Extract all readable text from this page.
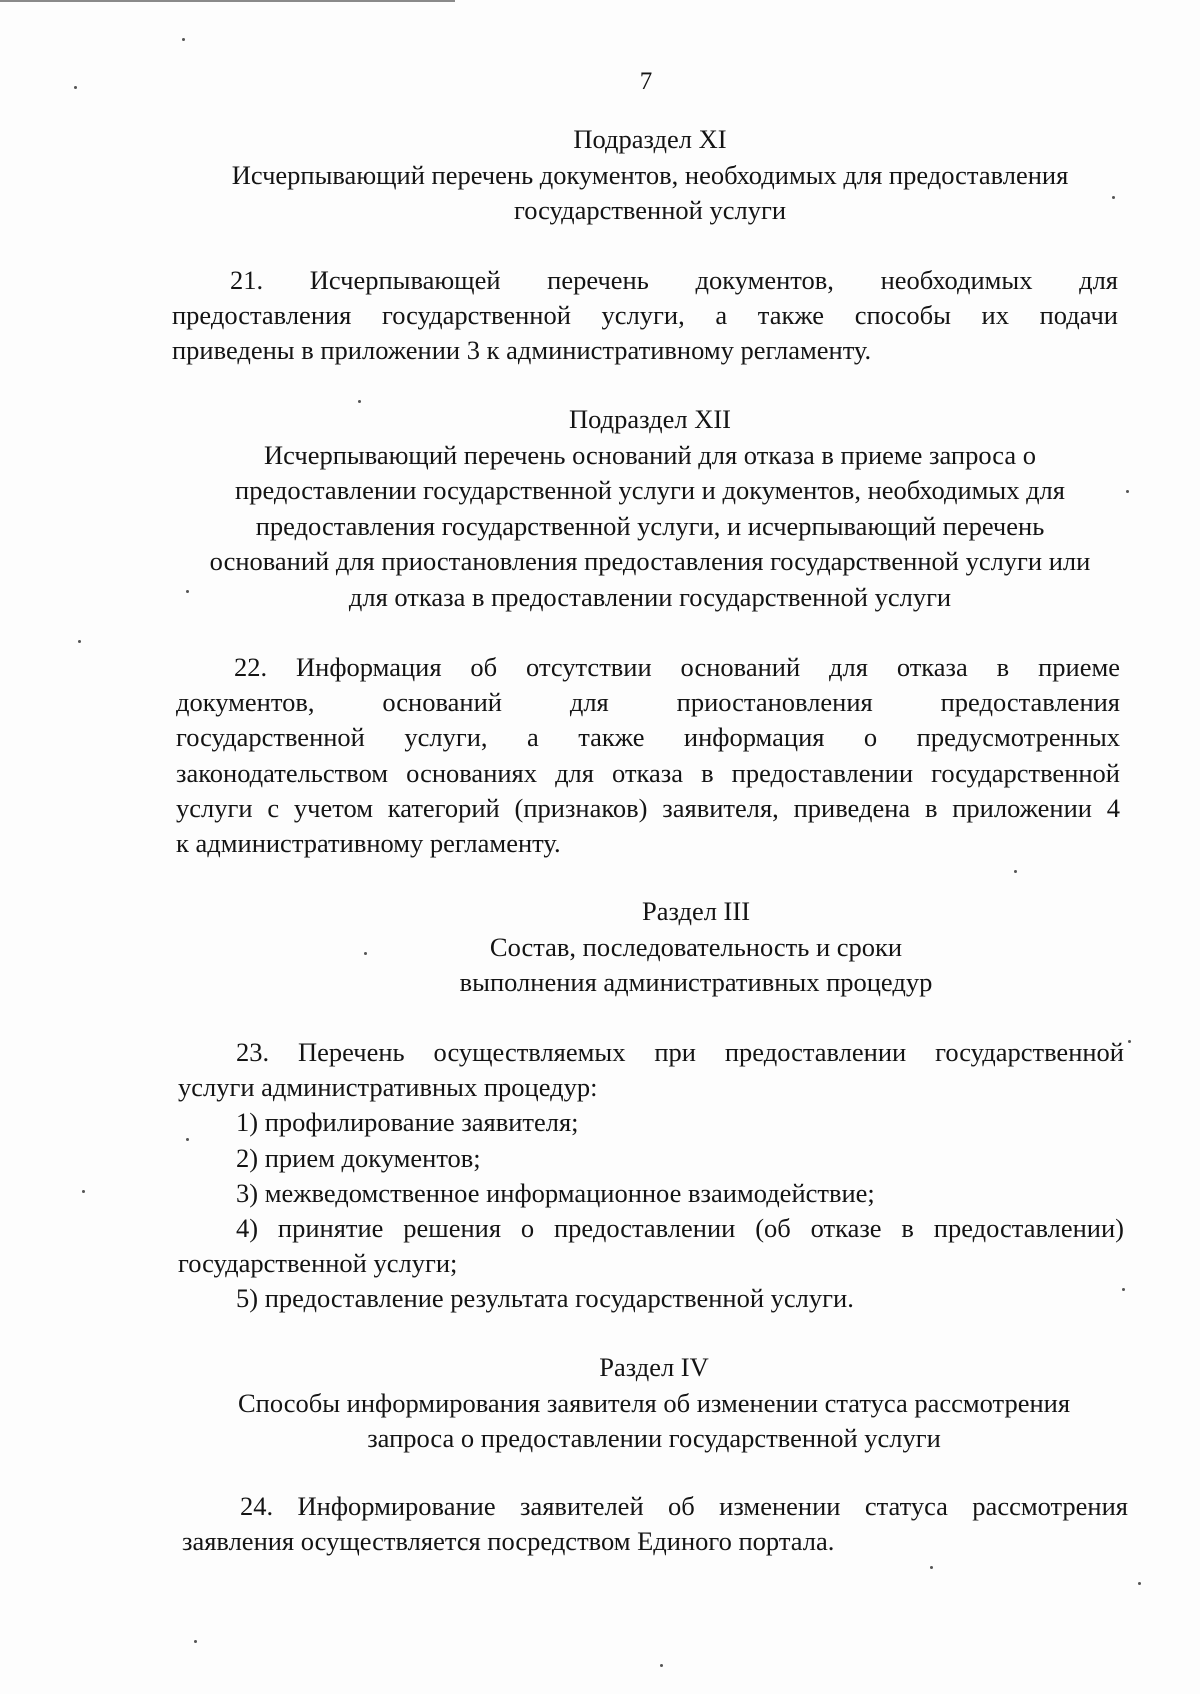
7
Подраздел XI
Исчерпывающий перечень документов, необходимых для предоставления
государственной услуги
21. Исчерпывающей перечень документов, необходимых для
предоставления государственной услуги, а также способы их подачи
приведены в приложении 3 к административному регламенту.
Подраздел XII
Исчерпывающий перечень оснований для отказа в приеме запроса о
предоставлении государственной услуги и документов, необходимых для
предоставления государственной услуги, и исчерпывающий перечень
оснований для приостановления предоставления государственной услуги или
для отказа в предоставлении государственной услуги
22. Информация об отсутствии оснований для отказа в приеме
документов, оснований для приостановления предоставления
государственной услуги, а также информация о предусмотренных
законодательством основаниях для отказа в предоставлении государственной
услуги с учетом категорий (признаков) заявителя, приведена в приложении 4
к административному регламенту.
Раздел III
Состав, последовательность и сроки
выполнения административных процедур
23. Перечень осуществляемых при предоставлении государственной
услуги административных процедур:
1) профилирование заявителя;
2) прием документов;
3) межведомственное информационное взаимодействие;
4) принятие решения о предоставлении (об отказе в предоставлении)
государственной услуги;
5) предоставление результата государственной услуги.
Раздел IV
Способы информирования заявителя об изменении статуса рассмотрения
запроса о предоставлении государственной услуги
24. Информирование заявителей об изменении статуса рассмотрения
заявления осуществляется посредством Единого портала.
